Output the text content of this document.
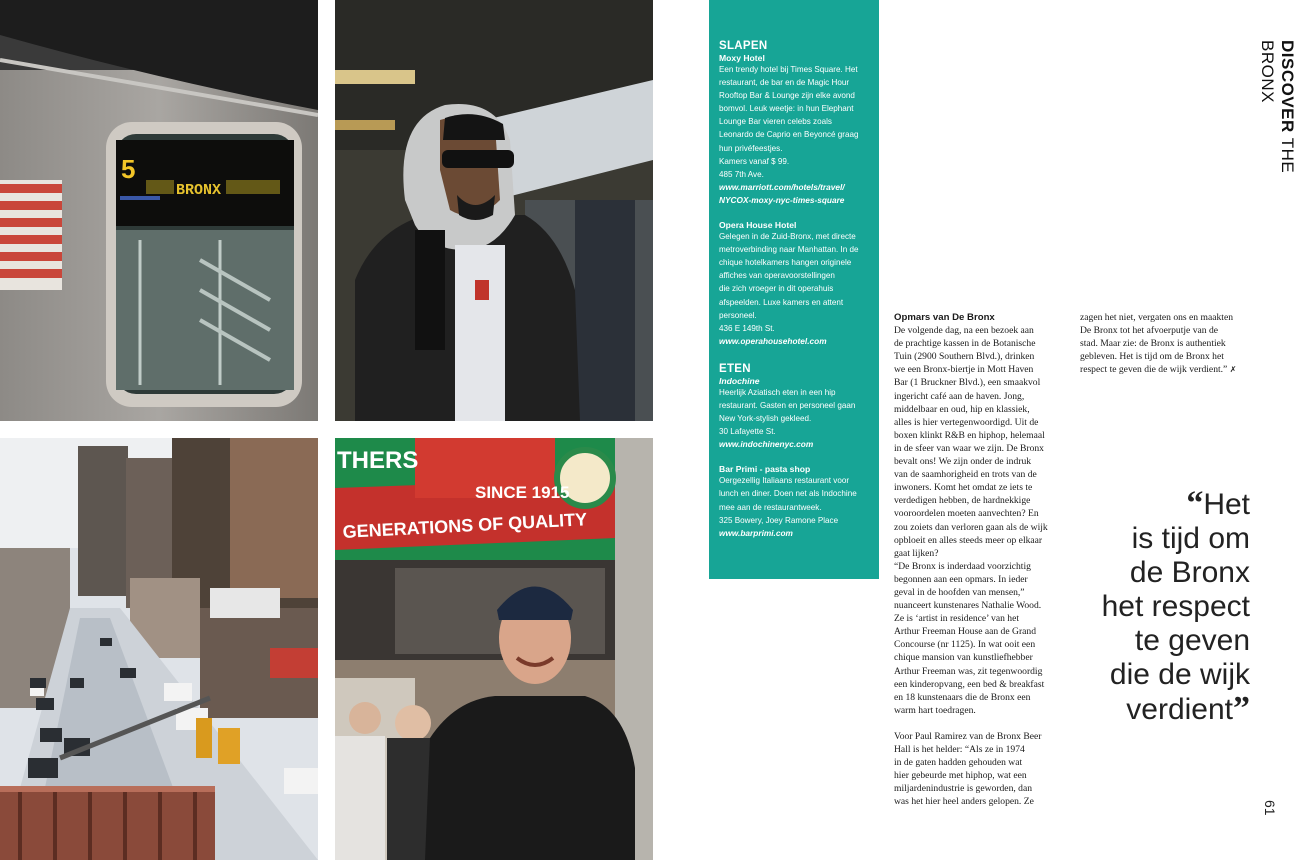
5
BRONX
THERS
SINCE 1915
GENERATIONS OF QUALITY

SLAPEN

Moxy Hotel

Een trendy hotel bij Times Square. Het

restaurant, de bar en de Magic Hour

Rooftop Bar & Lounge zijn elke avond

bomvol. Leuk weetje: in hun Elephant

Lounge Bar vieren celebs zoals

Leonardo de Caprio en Beyoncé graag

hun privéfeestjes.

Kamers vanaf $ 99.

485 7th Ave.

www.marriott.com/hotels/travel/

NYCOX-moxy-nyc-times-square

Opera House Hotel

Gelegen in de Zuid-Bronx, met directe

metroverbinding naar Manhattan. In de

chique hotelkamers hangen originele

affiches van operavoorstellingen

die zich vroeger in dit operahuis

afspeelden. Luxe kamers en attent

personeel.

436 E 149th St.

www.operahousehotel.com

ETEN

Indochine

Heerlijk Aziatisch eten in een hip

restaurant. Gasten en personeel gaan

New York-stylish gekleed.

30 Lafayette St.

www.indochinenyc.com

Bar Primi - pasta shop

Oergezellig Italiaans restaurant voor

lunch en diner. Doen net als Indochine

mee aan de restaurantweek.

325 Bowery, Joey Ramone Place

www.barprimi.com

Opmars van De Bronx

De volgende dag, na een bezoek aan

de prachtige kassen in de Botanische

Tuin (2900 Southern Blvd.), drinken

we een Bronx-biertje in Mott Haven

Bar (1 Bruckner Blvd.), een smaakvol

ingericht café aan de haven. Jong,

middelbaar en oud, hip en klassiek,

alles is hier vertegenwoordigd. Uit de

boxen klinkt R&B en hiphop, helemaal

in de sfeer van waar we zijn. De Bronx

bevalt ons! We zijn onder de indruk

van de saamhorigheid en trots van de

inwoners. Komt het omdat ze iets te

verdedigen hebben, de hardnekkige

vooroordelen moeten aanvechten? En

zou zoiets dan verloren gaan als de wijk

opbloeit en alles steeds meer op elkaar

gaat lijken?

“De Bronx is inderdaad voorzichtig

begonnen aan een opmars. In ieder

geval in de hoofden van mensen,”

nuanceert kunstenares Nathalie Wood.

Ze is ‘artist in residence’ van het

Arthur Freeman House aan de Grand

Concourse (nr 1125). In wat ooit een

chique mansion van kunstliefhebber

Arthur Freeman was, zit tegenwoordig

een kinderopvang, een bed & breakfast

en 18 kunstenaars die de Bronx een

warm hart toedragen.

Voor Paul Ramirez van de Bronx Beer

Hall is het helder: “Als ze in 1974

in de gaten hadden gehouden wat

hier gebeurde met hiphop, wat een

miljardenindustrie is geworden, dan

was het hier heel anders gelopen. Ze

zagen het niet, vergaten ons en maakten

De Bronx tot het afvoerputje van de

stad. Maar zie: de Bronx is authentiek

gebleven. Het is tijd om de Bronx het

respect te geven die de wijk verdient.” ✗

“Het
is tijd om
de Bronx
het respect
te geven
die de wijk
verdient”
DISCOVER THE BRONX
61
